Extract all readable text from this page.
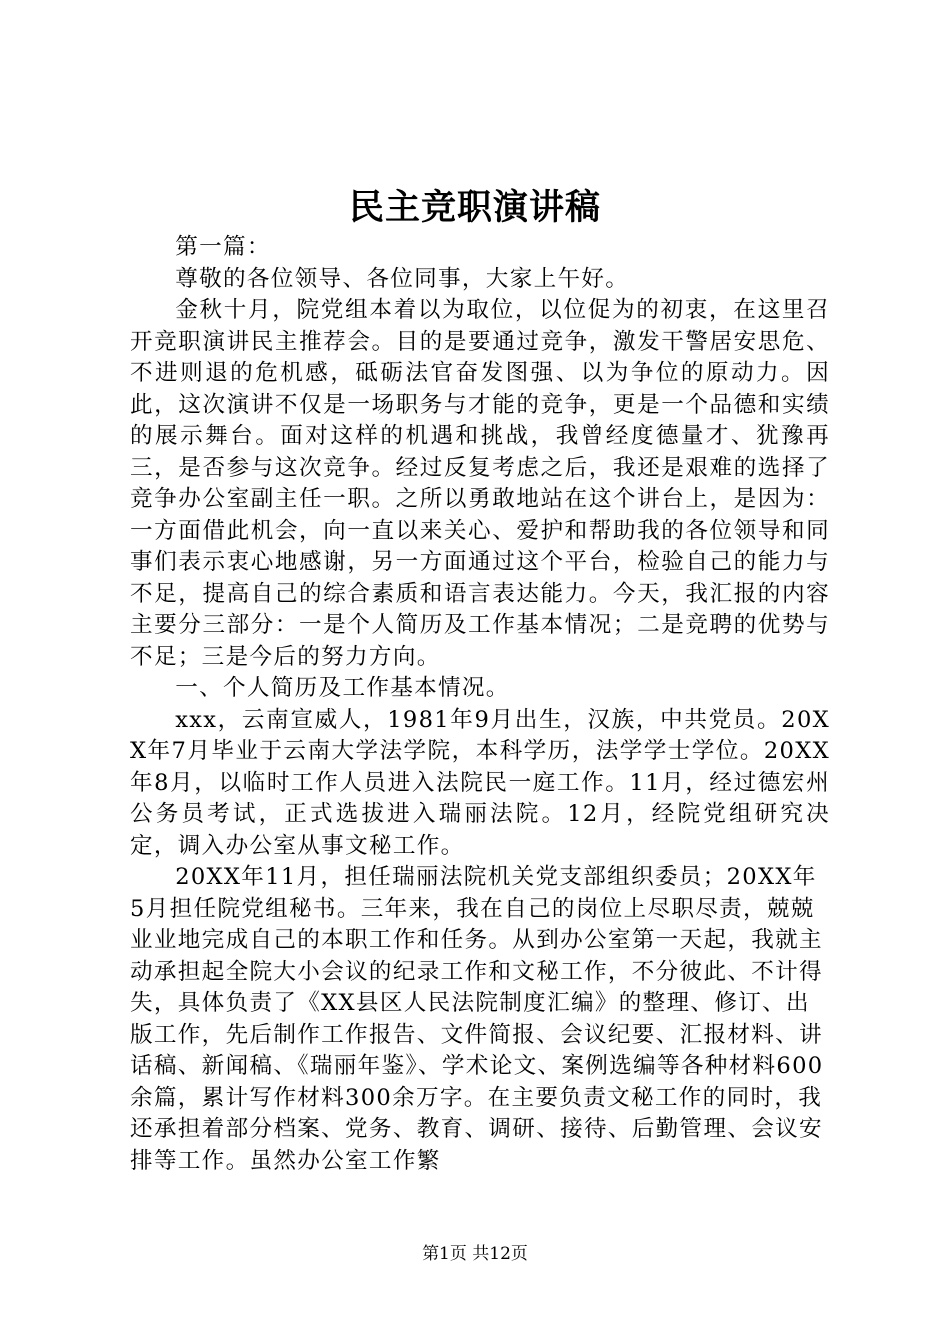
民主竞职演讲稿

第一篇：

尊敬的各位领导、各位同事，大家上午好。

金秋十月，院党组本着以为取位，以位促为的初衷，在这里召开竞职演讲民主推荐会。目的是要通过竞争，激发干警居安思危、不进则退的危机感，砥砺法官奋发图强、以为争位的原动力。因此，这次演讲不仅是一场职务与才能的竞争，更是一个品德和实绩的展示舞台。面对这样的机遇和挑战，我曾经度德量才、犹豫再三，是否参与这次竞争。经过反复考虑之后，我还是艰难的选择了竞争办公室副主任一职。之所以勇敢地站在这个讲台上，是因为：一方面借此机会，向一直以来关心、爱护和帮助我的各位领导和同事们表示衷心地感谢，另一方面通过这个平台，检验自己的能力与不足，提高自己的综合素质和语言表达能力。今天，我汇报的内容主要分三部分：一是个人简历及工作基本情况；二是竞聘的优势与不足；三是今后的努力方向。

一、个人简历及工作基本情况。

xxx，云南宣威人，1981年9月出生，汉族，中共党员。20XX年7月毕业于云南大学法学院，本科学历，法学学士学位。20XX年8月，以临时工作人员进入法院民一庭工作。11月，经过德宏州公务员考试，正式选拔进入瑞丽法院。12月，经院党组研究决定，调入办公室从事文秘工作。

20XX年11月，担任瑞丽法院机关党支部组织委员；20XX年5月担任院党组秘书。三年来，我在自己的岗位上尽职尽责，兢兢业业地完成自己的本职工作和任务。从到办公室第一天起，我就主动承担起全院大小会议的纪录工作和文秘工作，不分彼此、不计得失，具体负责了《XX县区人民法院制度汇编》的整理、修订、出版工作，先后制作工作报告、文件简报、会议纪要、汇报材料、讲话稿、新闻稿、《瑞丽年鉴》、学术论文、案例选编等各种材料600余篇，累计写作材料300余万字。在主要负责文秘工作的同时，我还承担着部分档案、党务、教育、调研、接待、后勤管理、会议安排等工作。虽然办公室工作繁

第1页 共12页
